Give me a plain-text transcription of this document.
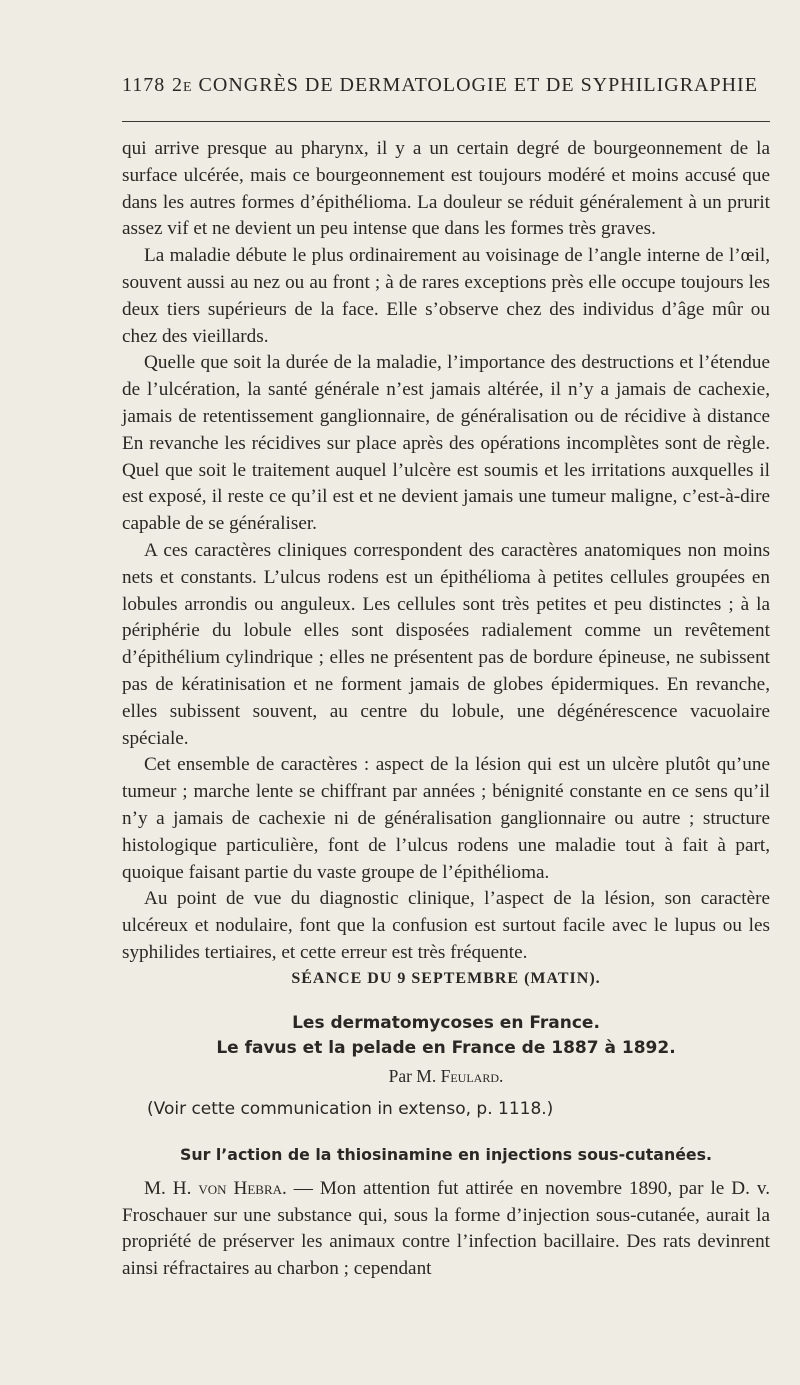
1178 2e CONGRÈS DE DERMATOLOGIE ET DE SYPHILIGRAPHIE

qui arrive presque au pharynx, il y a un certain degré de bourgeonnement de la surface ulcérée, mais ce bourgeonnement est toujours modéré et moins accusé que dans les autres formes d’épithélioma. La douleur se réduit généralement à un prurit assez vif et ne devient un peu intense que dans les formes très graves.

La maladie débute le plus ordinairement au voisinage de l’angle interne de l’œil, souvent aussi au nez ou au front ; à de rares exceptions près elle occupe toujours les deux tiers supérieurs de la face. Elle s’observe chez des individus d’âge mûr ou chez des vieillards.

Quelle que soit la durée de la maladie, l’importance des destructions et l’étendue de l’ulcération, la santé générale n’est jamais altérée, il n’y a jamais de cachexie, jamais de retentissement ganglionnaire, de généralisation ou de récidive à distance En revanche les récidives sur place après des opérations incomplètes sont de règle. Quel que soit le traitement auquel l’ulcère est soumis et les irritations auxquelles il est exposé, il reste ce qu’il est et ne devient jamais une tumeur maligne, c’est-à-dire capable de se généraliser.

A ces caractères cliniques correspondent des caractères anatomiques non moins nets et constants. L’ulcus rodens est un épithélioma à petites cellules groupées en lobules arrondis ou anguleux. Les cellules sont très petites et peu distinctes ; à la périphérie du lobule elles sont disposées radialement comme un revêtement d’épithélium cylindrique ; elles ne présentent pas de bordure épineuse, ne subissent pas de kératinisation et ne forment jamais de globes épidermiques. En revanche, elles subissent souvent, au centre du lobule, une dégénérescence vacuolaire spéciale.

Cet ensemble de caractères : aspect de la lésion qui est un ulcère plutôt qu’une tumeur ; marche lente se chiffrant par années ; bénignité constante en ce sens qu’il n’y a jamais de cachexie ni de généralisation ganglionnaire ou autre ; structure histologique particulière, font de l’ulcus rodens une maladie tout à fait à part, quoique faisant partie du vaste groupe de l’épithélioma.

Au point de vue du diagnostic clinique, l’aspect de la lésion, son caractère ulcéreux et nodulaire, font que la confusion est surtout facile avec le lupus ou les syphilides tertiaires, et cette erreur est très fréquente.

SÉANCE DU 9 SEPTEMBRE (MATIN).
Les dermatomycoses en France.
Le favus et la pelade en France de 1887 à 1892.
Par M. Feulard.
(Voir cette communication in extenso, p. 1118.)
Sur l’action de la thiosinamine en injections sous-cutanées.

M. H. von Hebra. — Mon attention fut attirée en novembre 1890, par le D. v. Froschauer sur une substance qui, sous la forme d’injection sous-cutanée, aurait la propriété de préserver les animaux contre l’infection bacillaire. Des rats devinrent ainsi réfractaires au charbon ; cependant
